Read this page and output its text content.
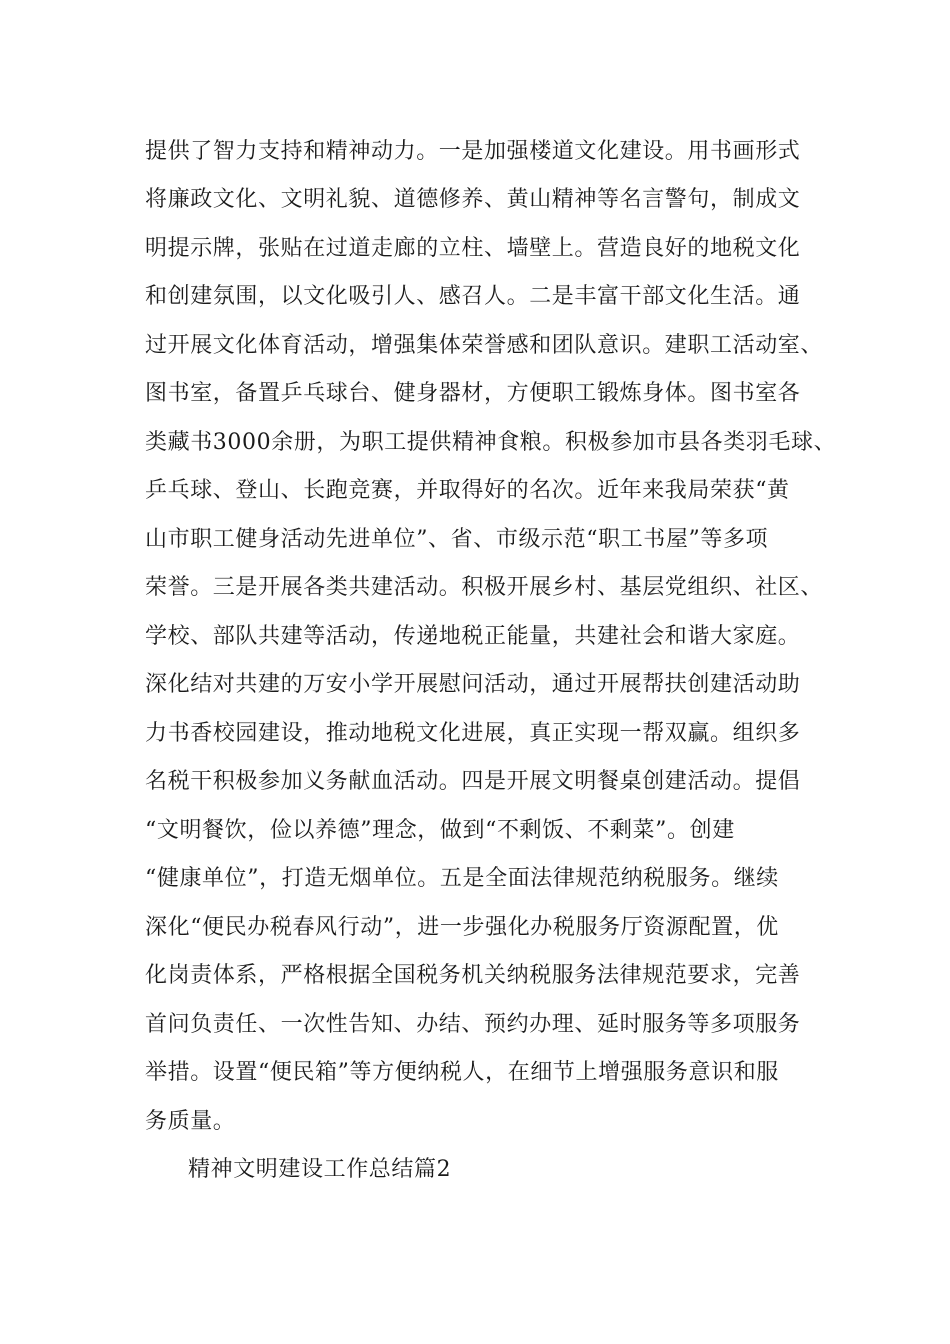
提供了智力支持和精神动力。一是加强楼道文化建设。用书画形式
将廉政文化、文明礼貌、道德修养、黄山精神等名言警句，制成文
明提示牌，张贴在过道走廊的立柱、墙壁上。营造良好的地税文化
和创建氛围，以文化吸引人、感召人。二是丰富干部文化生活。通
过开展文化体育活动，增强集体荣誉感和团队意识。建职工活动室、
图书室，备置乒乓球台、健身器材，方便职工锻炼身体。图书室各
类藏书3000余册，为职工提供精神食粮。积极参加市县各类羽毛球、
乒乓球、登山、长跑竞赛，并取得好的名次。近年来我局荣获“黄
山市职工健身活动先进单位”、省、市级示范“职工书屋”等多项
荣誉。三是开展各类共建活动。积极开展乡村、基层党组织、社区、
学校、部队共建等活动，传递地税正能量，共建社会和谐大家庭。
深化结对共建的万安小学开展慰问活动，通过开展帮扶创建活动助
力书香校园建设，推动地税文化进展，真正实现一帮双赢。组织多
名税干积极参加义务献血活动。四是开展文明餐桌创建活动。提倡
“文明餐饮，俭以养德”理念，做到“不剩饭、不剩菜”。创建
“健康单位”，打造无烟单位。五是全面法律规范纳税服务。继续
深化“便民办税春风行动”，进一步强化办税服务厅资源配置，优
化岗责体系，严格根据全国税务机关纳税服务法律规范要求，完善
首问负责任、一次性告知、办结、预约办理、延时服务等多项服务
举措。设置“便民箱”等方便纳税人，在细节上增强服务意识和服
务质量。
精神文明建设工作总结篇2
